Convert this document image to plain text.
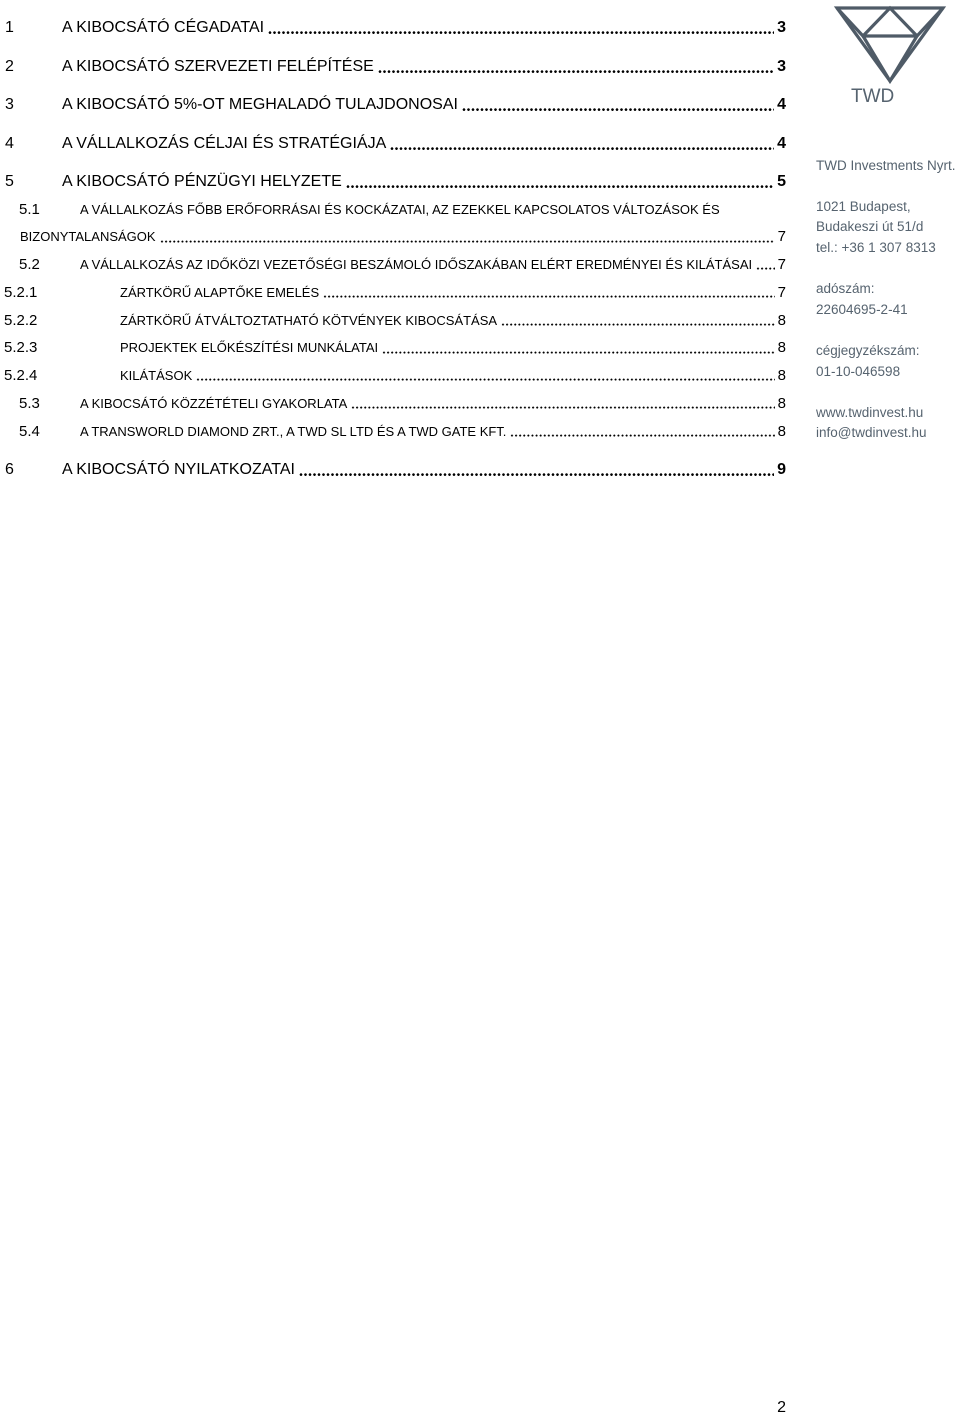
1	A KIBOCSÁTÓ CÉGADATAI	3
2	A KIBOCSÁTÓ SZERVEZETI FELÉPÍTÉSE	3
3	A KIBOCSÁTÓ 5%-OT MEGHALADÓ TULAJDONOSAI	4
4	A VÁLLALKOZÁS CÉLJAI ÉS STRATÉGIÁJA	4
5	A KIBOCSÁTÓ PÉNZÜGYI HELYZETE	5
5.1	A VÁLLALKOZÁS FŐBB ERŐFORRÁSAI ÉS KOCKÁZATAI, AZ EZEKKEL KAPCSOLATOS VÁLTOZÁSOK ÉS
BIZONYTALANSÁGOK	7
5.2	A VÁLLALKOZÁS AZ IDŐKÖZI VEZETŐSÉGI BESZÁMOLÓ IDŐSZAKÁBAN ELÉRT EREDMÉNYEI ÉS KILÁTÁSAI 7
5.2.1	ZÁRTKÖRŰ ALAPTŐKE EMELÉS	7
5.2.2	ZÁRTKÖRŰ ÁTVÁLTOZTATHATÓ KÖTVÉNYEK KIBOCSÁTÁSA	8
5.2.3	PROJEKTEK ELŐKÉSZÍTÉSI MUNKÁLATAI	8
5.2.4	KILÁTÁSOK	8
5.3	A KIBOCSÁTÓ KÖZZÉTÉTELI GYAKORLATA	8
5.4	A TRANSWORLD DIAMOND ZRT., A TWD SL LTD ÉS A TWD GATE KFT.	8
6	A KIBOCSÁTÓ NYILATKOZATAI	9
TWD
TWD Investments Nyrt.
1021 Budapest,
Budakeszi út 51/d
tel.: +36 1 307 8313
adószám:
22604695-2-41
cégjegyzékszám:
01-10-046598
www.twdinvest.hu
info@twdinvest.hu
2
